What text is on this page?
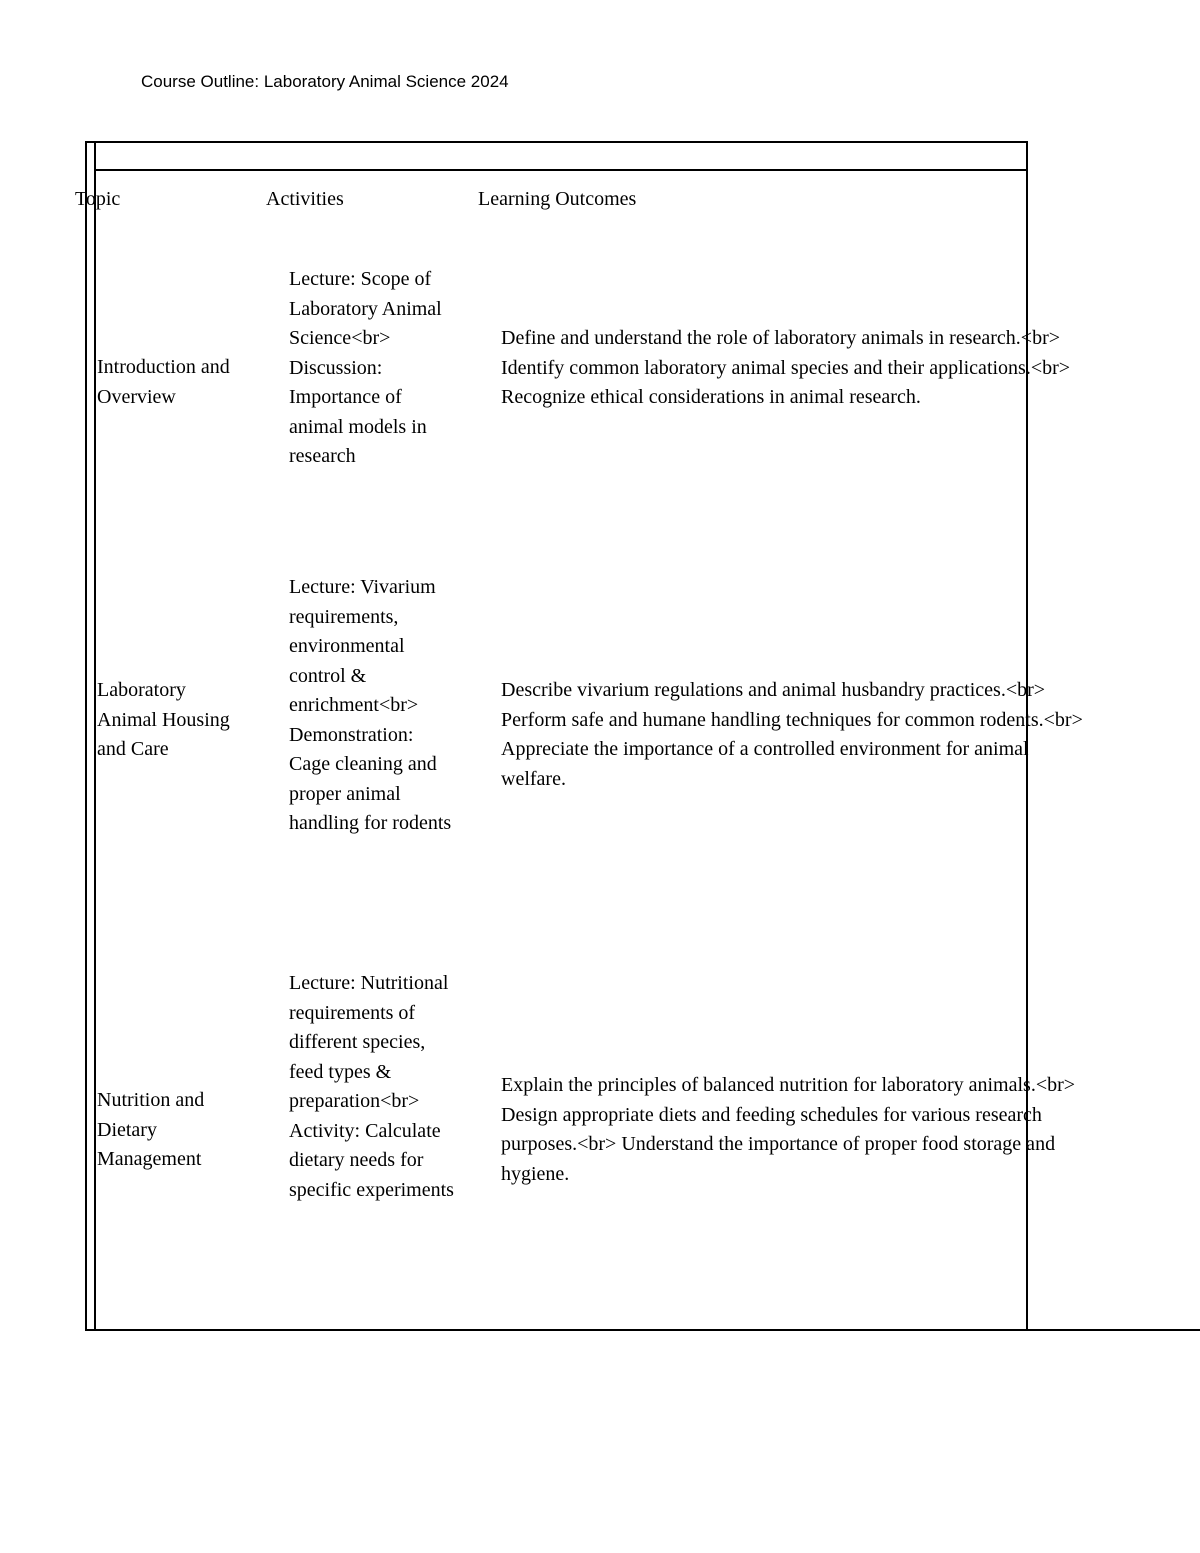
Course Outline: Laboratory Animal Science 2024
Topic	Activities	Learning Outcomes
Introduction and Overview
Lecture: Scope of Laboratory Animal Science<br> Discussion: Importance of animal models in research
Define and understand the role of laboratory animals in research.<br> Identify common laboratory animal species and their applications.<br> Recognize ethical considerations in animal research.
Laboratory Animal Housing and Care
Lecture: Vivarium requirements, environmental control & enrichment<br> Demonstration: Cage cleaning and proper animal handling for rodents
Describe vivarium regulations and animal husbandry practices.<br> Perform safe and humane handling techniques for common rodents.<br> Appreciate the importance of a controlled environment for animal welfare.
Nutrition and Dietary Management
Lecture: Nutritional requirements of different species, feed types & preparation<br> Activity: Calculate dietary needs for specific experiments
Explain the principles of balanced nutrition for laboratory animals.<br> Design appropriate diets and feeding schedules for various research purposes.<br> Understand the importance of proper food storage and hygiene.
